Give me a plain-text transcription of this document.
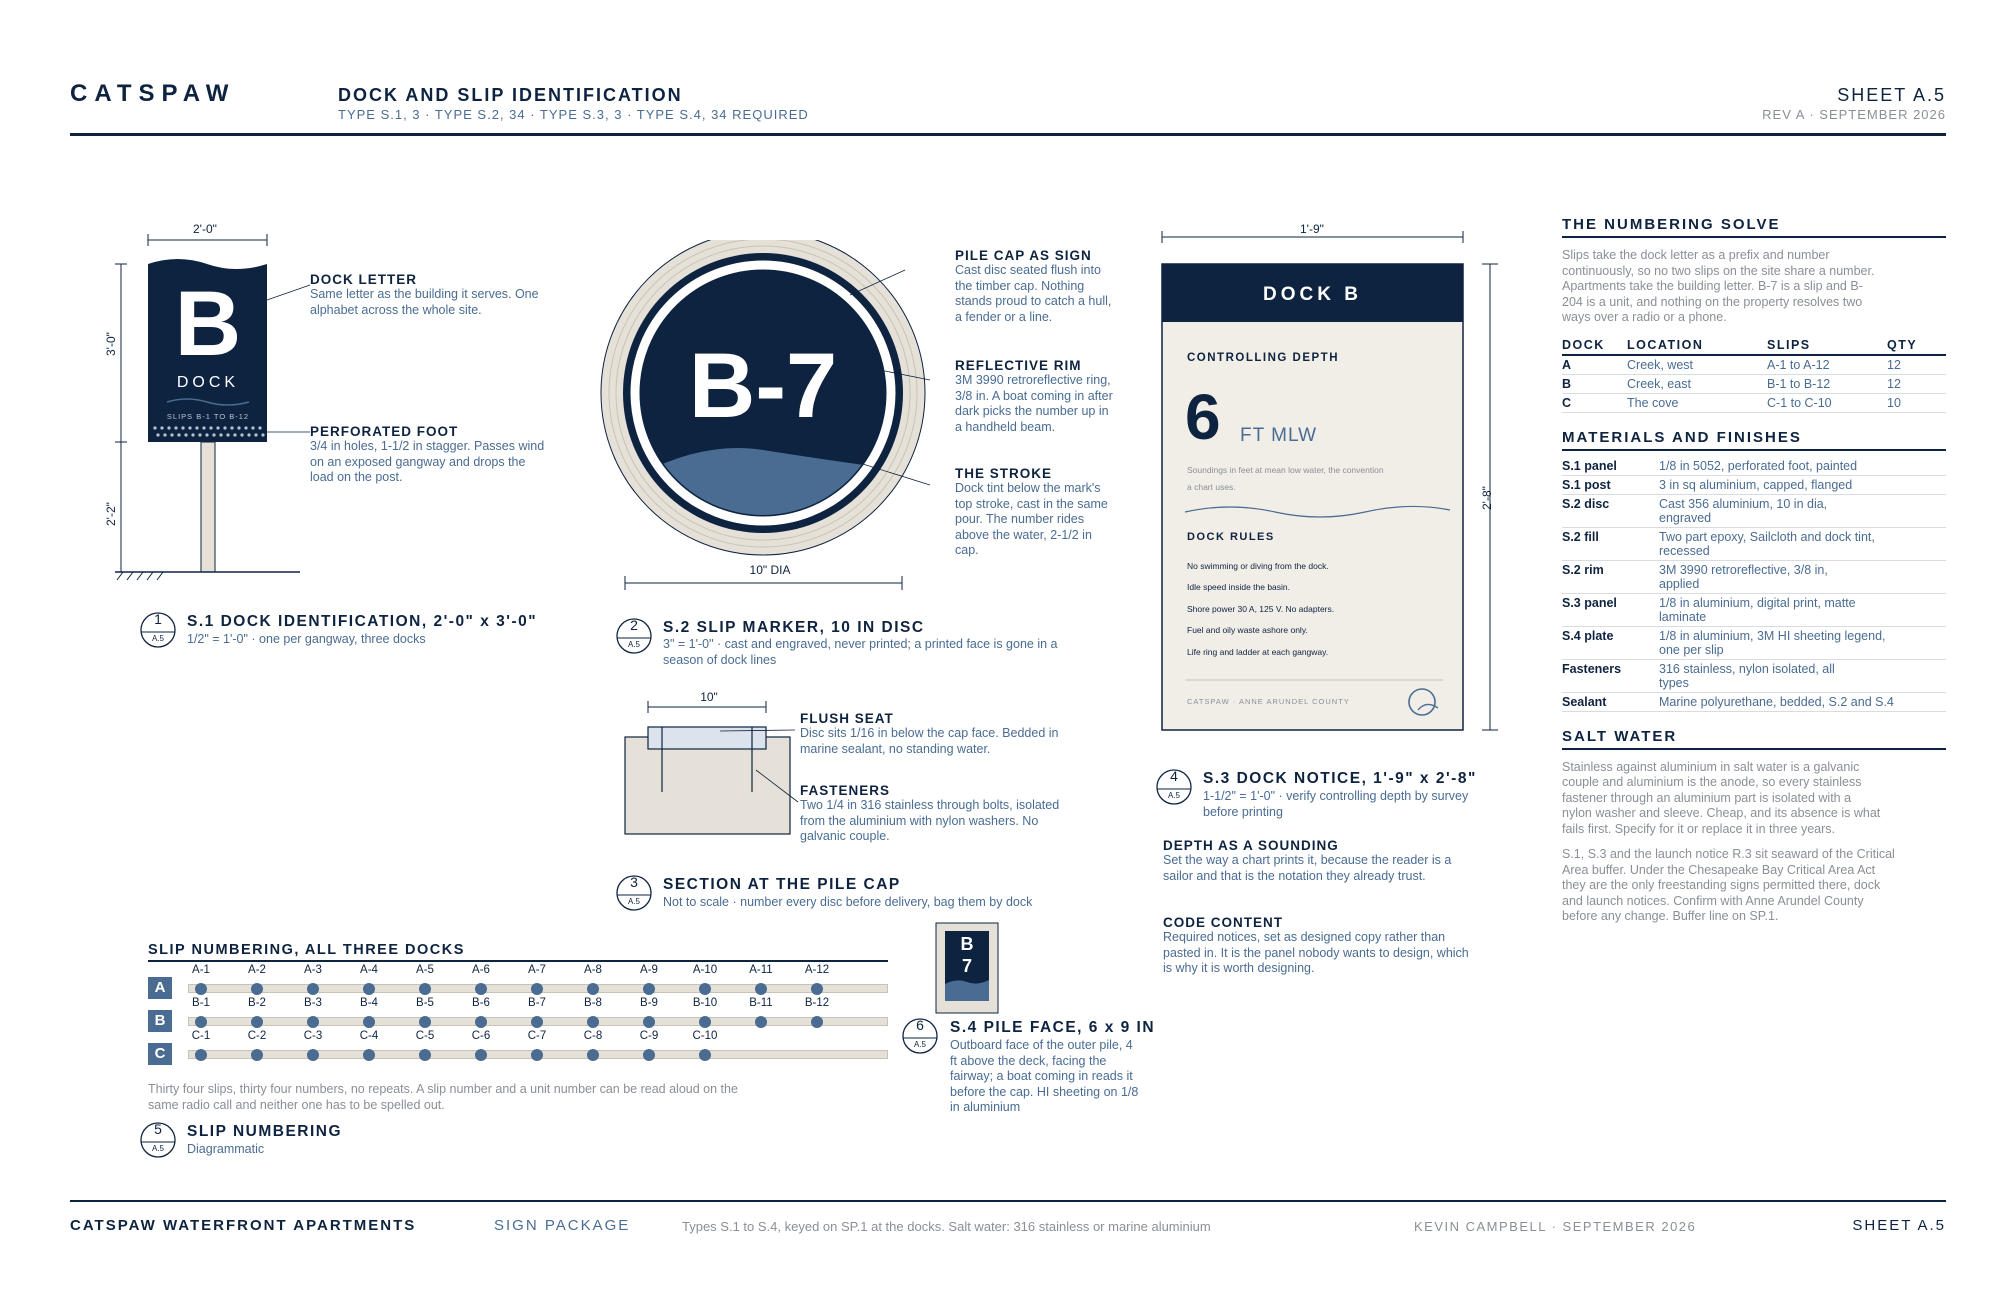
CATSPAW	DOCK AND SLIP IDENTIFICATION
TYPE S.1, 3 · TYPE S.2, 34 · TYPE S.3, 3 · TYPE S.4, 34 REQUIRED
SHEET A.5
REV A · SEPTEMBER 2026
2'-0"
3'-0"
2'-2"
B
DOCK
SLIPS B-1 TO B-12
DOCK LETTER
Same letter as the building it serves. One alphabet across the whole site.
PERFORATED FOOT
3/4 in holes, 1-1/2 in stagger. Passes wind on an exposed gangway and drops the load on the post.
1
A.5
S.1 DOCK IDENTIFICATION, 2'-0" x 3'-0"
1/2" = 1'-0" · one per gangway, three docks
B-7
10" DIA
PILE CAP AS SIGN
Cast disc seated flush into the timber cap. Nothing stands proud to catch a hull, a fender or a line.
REFLECTIVE RIM
3M 3990 retroreflective ring, 3/8 in. A boat coming in after dark picks the number up in a handheld beam.
THE STROKE
Dock tint below the mark's top stroke, cast in the same pour. The number rides above the water, 2-1/2 in cap.
2
A.5
S.2 SLIP MARKER, 10 IN DISC
3" = 1'-0" · cast and engraved, never printed; a printed face is gone in a season of dock lines
10"
FLUSH SEAT
Disc sits 1/16 in below the cap face. Bedded in marine sealant, no standing water.
FASTENERS
Two 1/4 in 316 stainless through bolts, isolated from the aluminium with nylon washers. No galvanic couple.
3
A.5
SECTION AT THE PILE CAP
Not to scale · number every disc before delivery, bag them by dock
1'-9"
2'-8"
DOCK B
CONTROLLING DEPTH
6 FT MLW
Soundings in feet at mean low water, the convention a chart uses.
DOCK RULES
No swimming or diving from the dock.
Idle speed inside the basin.
Shore power 30 A, 125 V. No adapters.
Fuel and oily waste ashore only.
Life ring and ladder at each gangway.
CATSPAW · ANNE ARUNDEL COUNTY
4
A.5
S.3 DOCK NOTICE, 1'-9" x 2'-8"
1-1/2" = 1'-0" · verify controlling depth by survey before printing
DEPTH AS A SOUNDING
Set the way a chart prints it, because the reader is a sailor and that is the notation they already trust.
CODE CONTENT
Required notices, set as designed copy rather than pasted in. It is the panel nobody wants to design, which is why it is worth designing.
B
7
6
A.5
S.4 PILE FACE, 6 x 9 IN
Outboard face of the outer pile, 4 ft above the deck, facing the fairway; a boat coming in reads it before the cap. HI sheeting on 1/8 in aluminium
SLIP NUMBERING, ALL THREE DOCKS
A
A-1	A-2	A-3	A-4	A-5	A-6	A-7	A-8	A-9	A-10	A-11	A-12
B
B-1	B-2	B-3	B-4	B-5	B-6	B-7	B-8	B-9	B-10	B-11	B-12
C
C-1	C-2	C-3	C-4	C-5	C-6	C-7	C-8	C-9	C-10
Thirty four slips, thirty four numbers, no repeats. A slip number and a unit number can be read aloud on the same radio call and neither one has to be spelled out.
5
A.5
SLIP NUMBERING
Diagrammatic
THE NUMBERING SOLVE
Slips take the dock letter as a prefix and number continuously, so no two slips on the site share a number. Apartments take the building letter. B-7 is a slip and B-204 is a unit, and nothing on the property resolves two ways over a radio or a phone.
DOCK	LOCATION	SLIPS	QTY
A	Creek, west	A-1 to A-12	12
B	Creek, east	B-1 to B-12	12
C	The cove	C-1 to C-10	10
MATERIALS AND FINISHES
S.1 panel	1/8 in 5052, perforated foot, painted
S.1 post	3 in sq aluminium, capped, flanged
S.2 disc	Cast 356 aluminium, 10 in dia, engraved
S.2 fill	Two part epoxy, Sailcloth and dock tint, recessed
S.2 rim	3M 3990 retroreflective, 3/8 in, applied
S.3 panel	1/8 in aluminium, digital print, matte laminate
S.4 plate	1/8 in aluminium, 3M HI sheeting legend, one per slip
Fasteners	316 stainless, nylon isolated, all types
Sealant	Marine polyurethane, bedded, S.2 and S.4
SALT WATER
Stainless against aluminium in salt water is a galvanic couple and aluminium is the anode, so every stainless fastener through an aluminium part is isolated with a nylon washer and sleeve. Cheap, and its absence is what fails first. Specify for it or replace it in three years.
S.1, S.3 and the launch notice R.3 sit seaward of the Critical Area buffer. Under the Chesapeake Bay Critical Area Act they are the only freestanding signs permitted there, dock and launch notices. Confirm with Anne Arundel County before any change. Buffer line on SP.1.
CATSPAW WATERFRONT APARTMENTS	SIGN PACKAGE	Types S.1 to S.4, keyed on SP.1 at the docks. Salt water: 316 stainless or marine aluminium	KEVIN CAMPBELL · SEPTEMBER 2026	SHEET A.5
